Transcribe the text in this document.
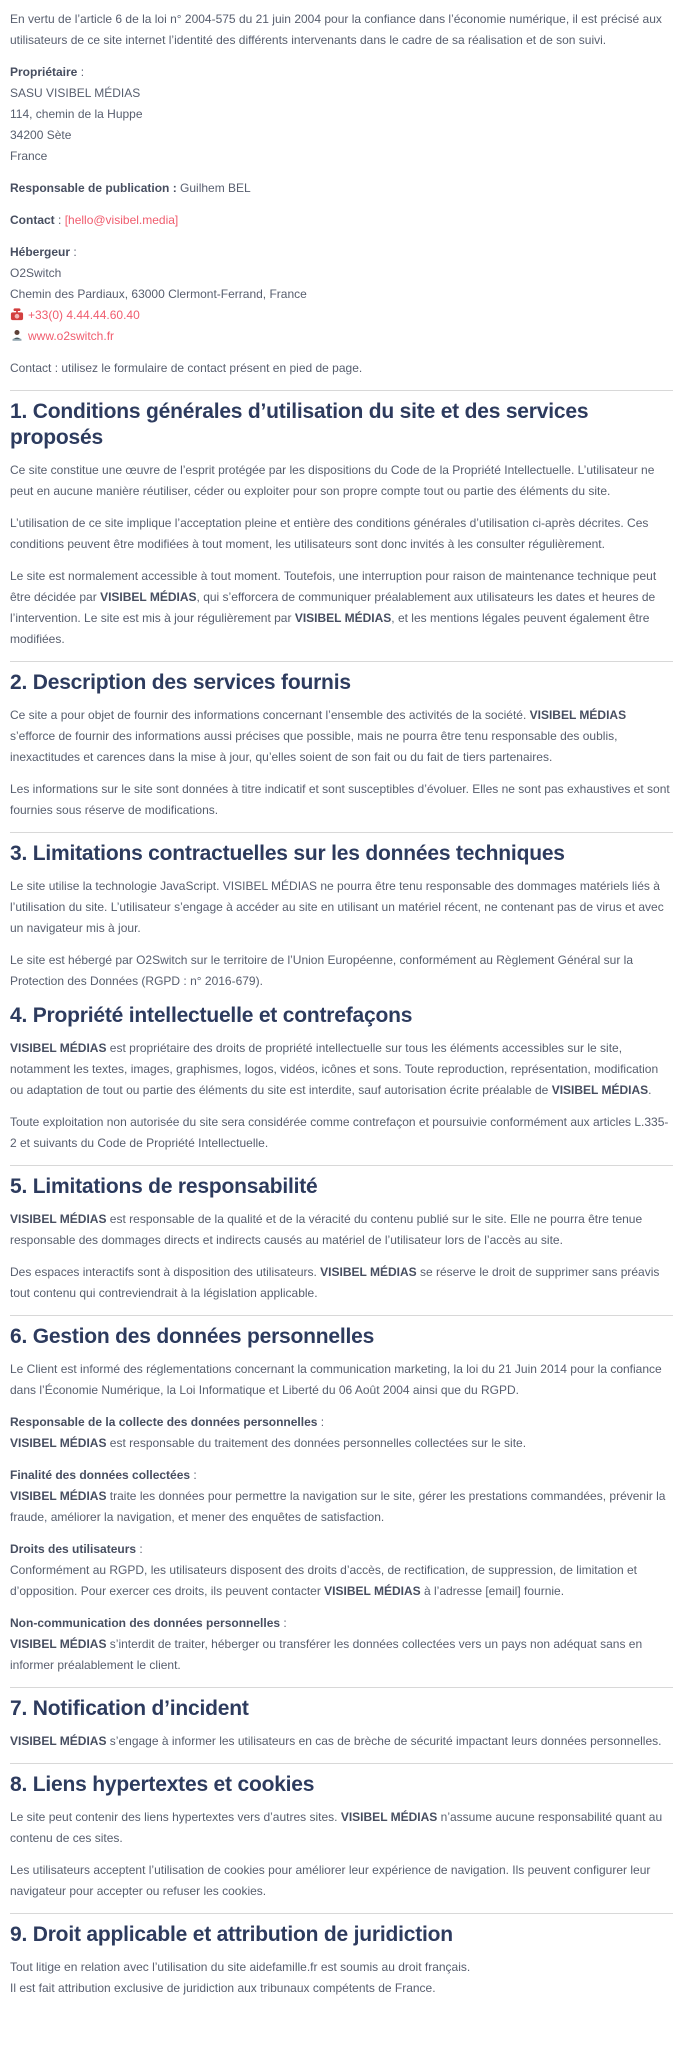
En vertu de l’article 6 de la loi n° 2004-575 du 21 juin 2004 pour la confiance dans l’économie numérique, il est précisé aux utilisateurs de ce site internet l’identité des différents intervenants dans le cadre de sa réalisation et de son suivi.

Propriétaire :
SASU VISIBEL MÉDIAS
114, chemin de la Huppe
34200 Sète
France

Responsable de publication : Guilhem BEL

Contact : [hello@visibel.media]

Hébergeur :
O2Switch
Chemin des Pardiaux, 63000 Clermont-Ferrand, France
+33(0) 4.44.44.60.40
www.o2switch.fr

Contact : utilisez le formulaire de contact présent en pied de page.

1. Conditions générales d’utilisation du site et des services proposés

Ce site constitue une œuvre de l’esprit protégée par les dispositions du Code de la Propriété Intellectuelle. L’utilisateur ne peut en aucune manière réutiliser, céder ou exploiter pour son propre compte tout ou partie des éléments du site.

L’utilisation de ce site implique l’acceptation pleine et entière des conditions générales d’utilisation ci-après décrites. Ces conditions peuvent être modifiées à tout moment, les utilisateurs sont donc invités à les consulter régulièrement.

Le site est normalement accessible à tout moment. Toutefois, une interruption pour raison de maintenance technique peut être décidée par VISIBEL MÉDIAS, qui s’efforcera de communiquer préalablement aux utilisateurs les dates et heures de l’intervention. Le site est mis à jour régulièrement par VISIBEL MÉDIAS, et les mentions légales peuvent également être modifiées.

2. Description des services fournis

Ce site a pour objet de fournir des informations concernant l’ensemble des activités de la société. VISIBEL MÉDIAS s’efforce de fournir des informations aussi précises que possible, mais ne pourra être tenu responsable des oublis, inexactitudes et carences dans la mise à jour, qu’elles soient de son fait ou du fait de tiers partenaires.

Les informations sur le site sont données à titre indicatif et sont susceptibles d’évoluer. Elles ne sont pas exhaustives et sont fournies sous réserve de modifications.

3. Limitations contractuelles sur les données techniques

Le site utilise la technologie JavaScript. VISIBEL MÉDIAS ne pourra être tenu responsable des dommages matériels liés à l’utilisation du site. L’utilisateur s’engage à accéder au site en utilisant un matériel récent, ne contenant pas de virus et avec un navigateur mis à jour.

Le site est hébergé par O2Switch sur le territoire de l’Union Européenne, conformément au Règlement Général sur la Protection des Données (RGPD : n° 2016-679).

4. Propriété intellectuelle et contrefaçons

VISIBEL MÉDIAS est propriétaire des droits de propriété intellectuelle sur tous les éléments accessibles sur le site, notamment les textes, images, graphismes, logos, vidéos, icônes et sons. Toute reproduction, représentation, modification ou adaptation de tout ou partie des éléments du site est interdite, sauf autorisation écrite préalable de VISIBEL MÉDIAS.

Toute exploitation non autorisée du site sera considérée comme contrefaçon et poursuivie conformément aux articles L.335-2 et suivants du Code de Propriété Intellectuelle.

5. Limitations de responsabilité

VISIBEL MÉDIAS est responsable de la qualité et de la véracité du contenu publié sur le site. Elle ne pourra être tenue responsable des dommages directs et indirects causés au matériel de l’utilisateur lors de l’accès au site.

Des espaces interactifs sont à disposition des utilisateurs. VISIBEL MÉDIAS se réserve le droit de supprimer sans préavis tout contenu qui contreviendrait à la législation applicable.

6. Gestion des données personnelles

Le Client est informé des réglementations concernant la communication marketing, la loi du 21 Juin 2014 pour la confiance dans l’Économie Numérique, la Loi Informatique et Liberté du 06 Août 2004 ainsi que du RGPD.

Responsable de la collecte des données personnelles :
VISIBEL MÉDIAS est responsable du traitement des données personnelles collectées sur le site.

Finalité des données collectées :
VISIBEL MÉDIAS traite les données pour permettre la navigation sur le site, gérer les prestations commandées, prévenir la fraude, améliorer la navigation, et mener des enquêtes de satisfaction.

Droits des utilisateurs :
Conformément au RGPD, les utilisateurs disposent des droits d’accès, de rectification, de suppression, de limitation et d’opposition. Pour exercer ces droits, ils peuvent contacter VISIBEL MÉDIAS à l’adresse [email] fournie.

Non-communication des données personnelles :
VISIBEL MÉDIAS s’interdit de traiter, héberger ou transférer les données collectées vers un pays non adéquat sans en informer préalablement le client.

7. Notification d’incident

VISIBEL MÉDIAS s’engage à informer les utilisateurs en cas de brèche de sécurité impactant leurs données personnelles.

8. Liens hypertextes et cookies

Le site peut contenir des liens hypertextes vers d’autres sites. VISIBEL MÉDIAS n’assume aucune responsabilité quant au contenu de ces sites.

Les utilisateurs acceptent l’utilisation de cookies pour améliorer leur expérience de navigation. Ils peuvent configurer leur navigateur pour accepter ou refuser les cookies.

9. Droit applicable et attribution de juridiction

Tout litige en relation avec l’utilisation du site aidefamille.fr est soumis au droit français.
Il est fait attribution exclusive de juridiction aux tribunaux compétents de France.
